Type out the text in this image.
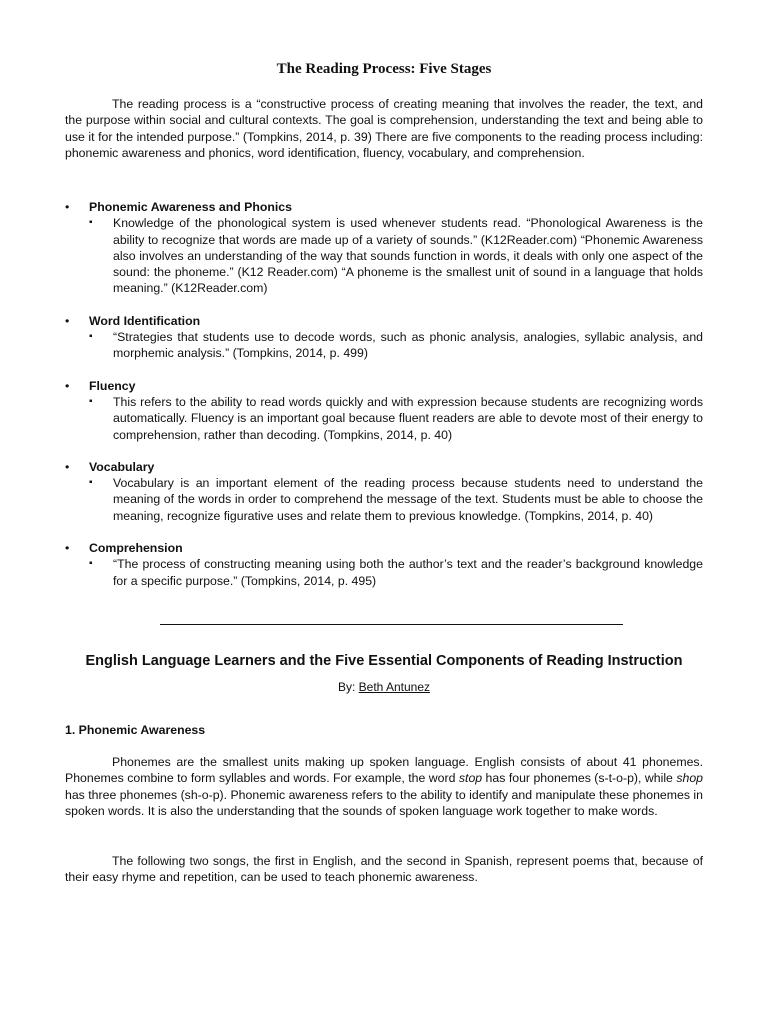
The Reading Process: Five Stages

The reading process is a “constructive process of creating meaning that involves the reader, the text, and the purpose within social and cultural contexts. The goal is comprehension, understanding the text and being able to use it for the intended purpose.” (Tompkins, 2014, p. 39) There are five components to the reading process including: phonemic awareness and phonics, word identification, fluency, vocabulary, and comprehension.

• Phonemic Awareness and Phonics
▪	Knowledge of the phonological system is used whenever students read. “Phonological Awareness is the ability to recognize that words are made up of a variety of sounds.” (K12Reader.com) “Phonemic Awareness also involves an understanding of the way that sounds function in words, it deals with only one aspect of the sound: the phoneme.” (K12 Reader.com) “A phoneme is the smallest unit of sound in a language that holds meaning.” (K12Reader.com)
• Word Identification
▪	“Strategies that students use to decode words, such as phonic analysis, analogies, syllabic analysis, and morphemic analysis.” (Tompkins, 2014, p. 499)
• Fluency
▪	This refers to the ability to read words quickly and with expression because students are recognizing words automatically. Fluency is an important goal because fluent readers are able to devote most of their energy to comprehension, rather than decoding. (Tompkins, 2014, p. 40)
• Vocabulary
▪	Vocabulary is an important element of the reading process because students need to understand the meaning of the words in order to comprehend the message of the text. Students must be able to choose the meaning, recognize figurative uses and relate them to previous knowledge. (Tompkins, 2014, p. 40)
• Comprehension
▪	“The process of constructing meaning using both the author’s text and the reader’s background knowledge for a specific purpose.” (Tompkins, 2014, p. 495)
English Language Learners and the Five Essential Components of Reading Instruction
By: Beth Antunez
1. Phonemic Awareness

Phonemes are the smallest units making up spoken language. English consists of about 41 phonemes. Phonemes combine to form syllables and words. For example, the word stop has four phonemes (s-t-o-p), while shop has three phonemes (sh-o-p). Phonemic awareness refers to the ability to identify and manipulate these phonemes in spoken words. It is also the understanding that the sounds of spoken language work together to make words.

The following two songs, the first in English, and the second in Spanish, represent poems that, because of their easy rhyme and repetition, can be used to teach phonemic awareness.
